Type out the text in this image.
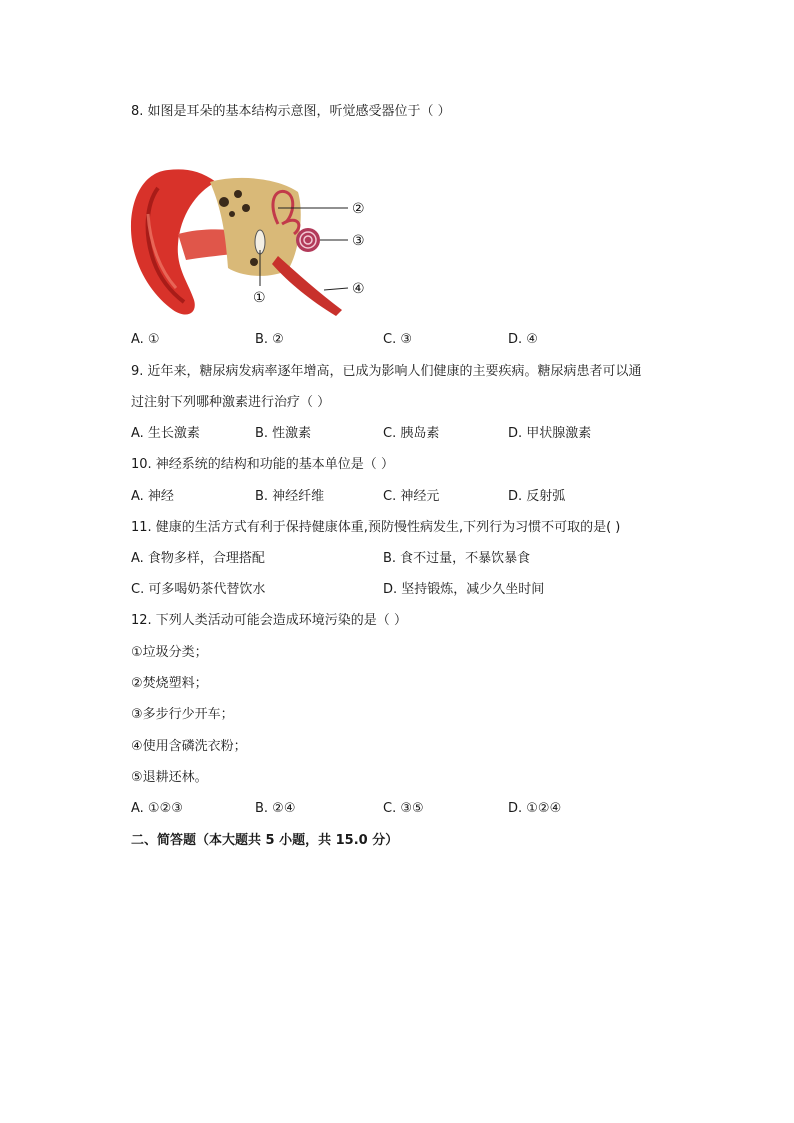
8. 如图是耳朵的基本结构示意图，听觉感受器位于（ ）
②
③
④
①
A. ①	B. ②	C. ③	D. ④
9. 近年来，糖尿病发病率逐年增高，已成为影响人们健康的主要疾病。糖尿病患者可以通
过注射下列哪种激素进行治疗（ ）
A. 生长激素	B. 性激素	C. 胰岛素	D. 甲状腺激素
10. 神经系统的结构和功能的基本单位是（ ）
A. 神经	B. 神经纤维	C. 神经元	D. 反射弧
11. 健康的生活方式有利于保持健康体重,预防慢性病发生,下列行为习惯不可取的是( )
A. 食物多样，合理搭配	B. 食不过量，不暴饮暴食
C. 可多喝奶茶代替饮水	D. 坚持锻炼，减少久坐时间
12. 下列人类活动可能会造成环境污染的是（ ）
①垃圾分类；
②焚烧塑料；
③多步行少开车；
④使用含磷洗衣粉；
⑤退耕还林。
A. ①②③	B. ②④	C. ③⑤	D. ①②④
二、简答题（本大题共 5 小题，共 15.0 分）
